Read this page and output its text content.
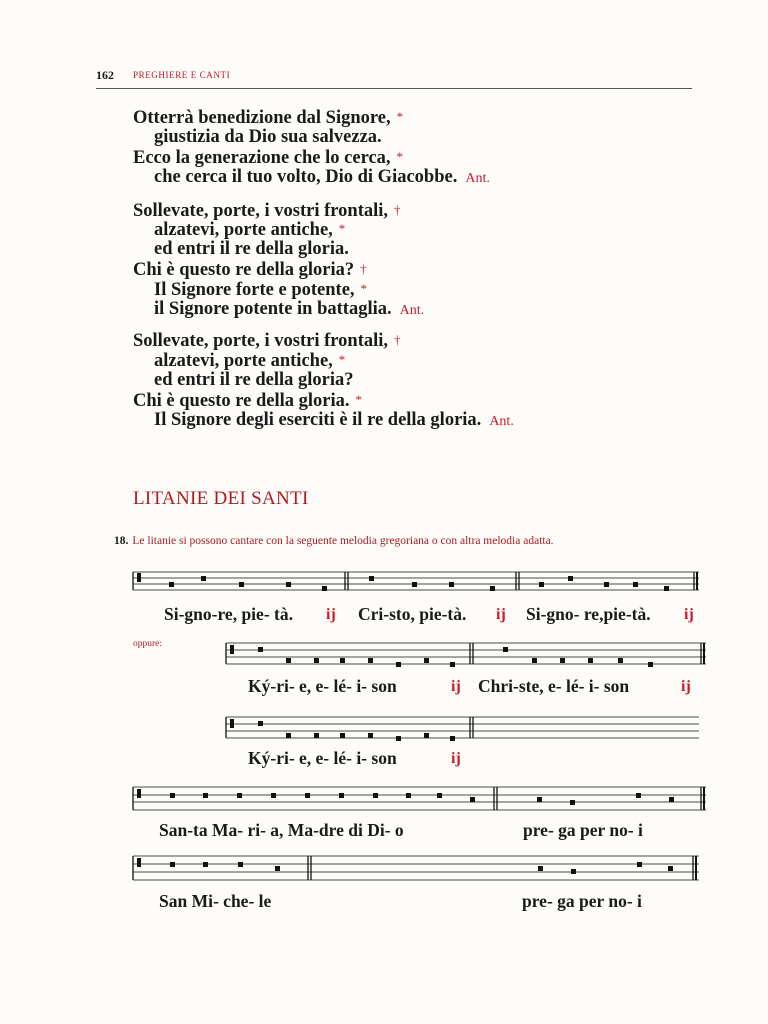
162 PREGHIERE E CANTI
Otterrà benedizione dal Signore, *
giustizia da Dio sua salvezza.
Ecco la generazione che lo cerca, *
che cerca il tuo volto, Dio di Giacobbe. Ant.
Sollevate, porte, i vostri frontali, †
alzatevi, porte antiche, *
ed entri il re della gloria.
Chi è questo re della gloria? †
Il Signore forte e potente, *
il Signore potente in battaglia. Ant.
Sollevate, porte, i vostri frontali, †
alzatevi, porte antiche, *
ed entri il re della gloria?
Chi è questo re della gloria. *
Il Signore degli eserciti è il re della gloria. Ant.
LITANIE DEI SANTI
18. Le litanie si possono cantare con la seguente melodia gregoriana o con altra melodia adatta.
oppure:
Si-gno-re, pie- tà. ij Cri-sto, pie-tà. ij Si-gno- re,pie-tà. ij
Ký-ri- e, e- lé- i- son	ij Chri-ste, e- lé- i- son	ij
Ký-ri- e, e- lé- i- son	ij
San-ta Ma- ri- a, Ma-dre di Di- o	pre- ga per no- i
San Mi- che- le	pre- ga per no- i
